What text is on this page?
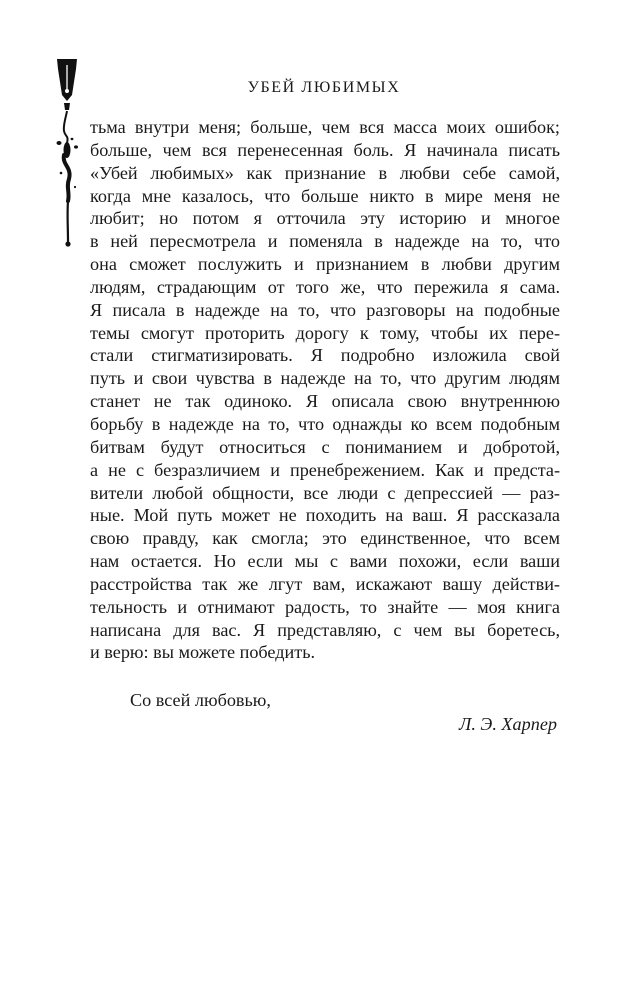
УБЕЙ ЛЮБИМЫХ
тьма внутри меня; больше, чем вся масса моих ошибок;
больше, чем вся перенесенная боль. Я начинала писать
«Убей любимых» как признание в любви себе самой,
когда мне казалось, что больше никто в мире меня не
любит; но потом я отточила эту историю и многое
в ней пересмотрела и поменяла в надежде на то, что
она сможет послужить и признанием в любви другим
людям, страдающим от того же, что пережила я сама.
Я писала в надежде на то, что разговоры на подобные
темы смогут проторить дорогу к тому, чтобы их пере-
стали стигматизировать. Я подробно изложила свой
путь и свои чувства в надежде на то, что другим людям
станет не так одиноко. Я описала свою внутреннюю
борьбу в надежде на то, что однажды ко всем подобным
битвам будут относиться с пониманием и добротой,
а не с безразличием и пренебрежением. Как и предста-
вители любой общности, все люди с депрессией — раз-
ные. Мой путь может не походить на ваш. Я рассказала
свою правду, как смогла; это единственное, что всем
нам остается. Но если мы с вами похожи, если ваши
расстройства так же лгут вам, искажают вашу действи-
тельность и отнимают радость, то знайте — моя книга
написана для вас. Я представляю, с чем вы боретесь,
и верю: вы можете победить.
Со всей любовью,
Л. Э. Харпер
